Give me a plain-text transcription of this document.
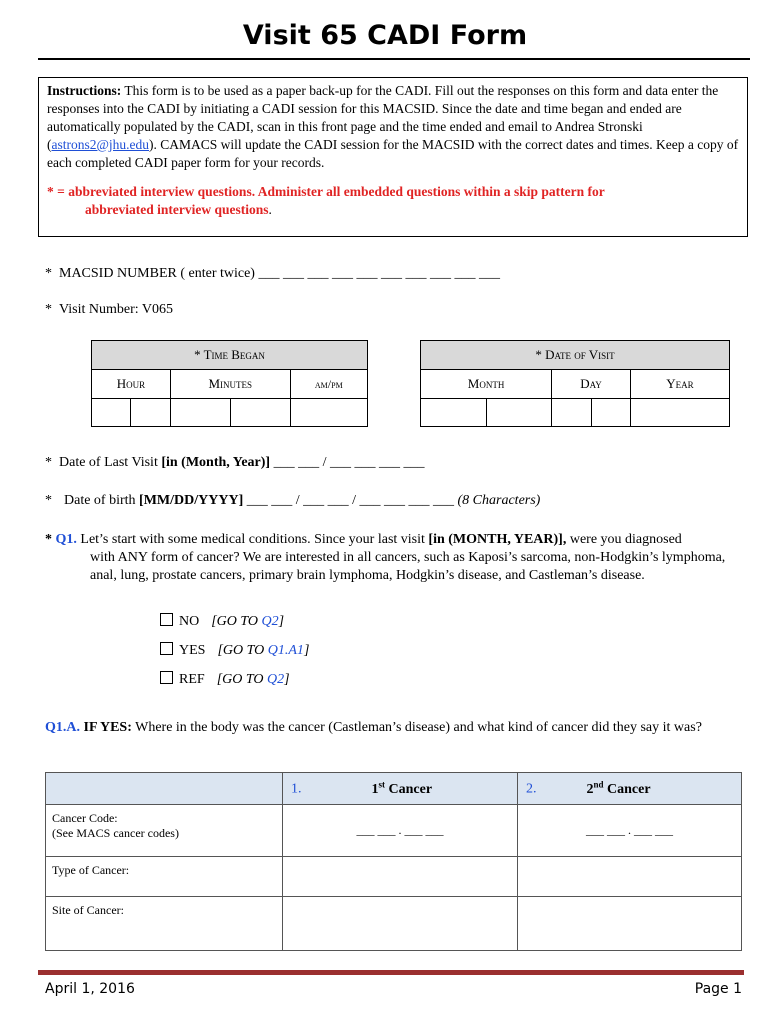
Visit 65 CADI Form
Instructions: This form is to be used as a paper back-up for the CADI. Fill out the responses on this form and data enter the responses into the CADI by initiating a CADI session for this MACSID. Since the date and time began and ended are automatically populated by the CADI, scan in this front page and the time ended and email to Andrea Stronski (astrons2@jhu.edu). CAMACS will update the CADI session for the MACSID with the correct dates and times. Keep a copy of each completed CADI paper form for your records.
* = abbreviated interview questions. Administer all embedded questions within a skip pattern for
abbreviated interview questions.
* MACSID NUMBER ( enter twice) ___ ___ ___ ___ ___ ___ ___ ___ ___ ___
* Visit Number: V065
* Time Began				
Hour		Minutes		am/pm

* Date of Visit				
Month		Day		Year

* Date of Last Visit [in (Month, Year)] ___ ___ / ___ ___ ___ ___
* Date of birth [MM/DD/YYYY] ___ ___ / ___ ___ / ___ ___ ___ ___ (8 Characters)
* Q1. Let’s start with some medical conditions. Since your last visit [in (MONTH, YEAR)], were you diagnosed
with ANY form of cancer? We are interested in all cancers, such as Kaposi’s sarcoma, non-Hodgkin’s lymphoma, anal, lung, prostate cancers, primary brain lymphoma, Hodgkin’s disease, and Castleman’s disease.
NO [GO TO Q2]
YES [GO TO Q1.A1]
REF [GO TO Q2]
Q1.A. IF YES: Where in the body was the cancer (Castleman’s disease) and what kind of cancer did they say it was?
	1. 1st Cancer	2. 2nd Cancer

Cancer Code:
(See MACS cancer codes)	___ ___ . ___ ___	___ ___ . ___ ___
Type of Cancer:		
Site of Cancer:		
April 1, 2016	Page 1
